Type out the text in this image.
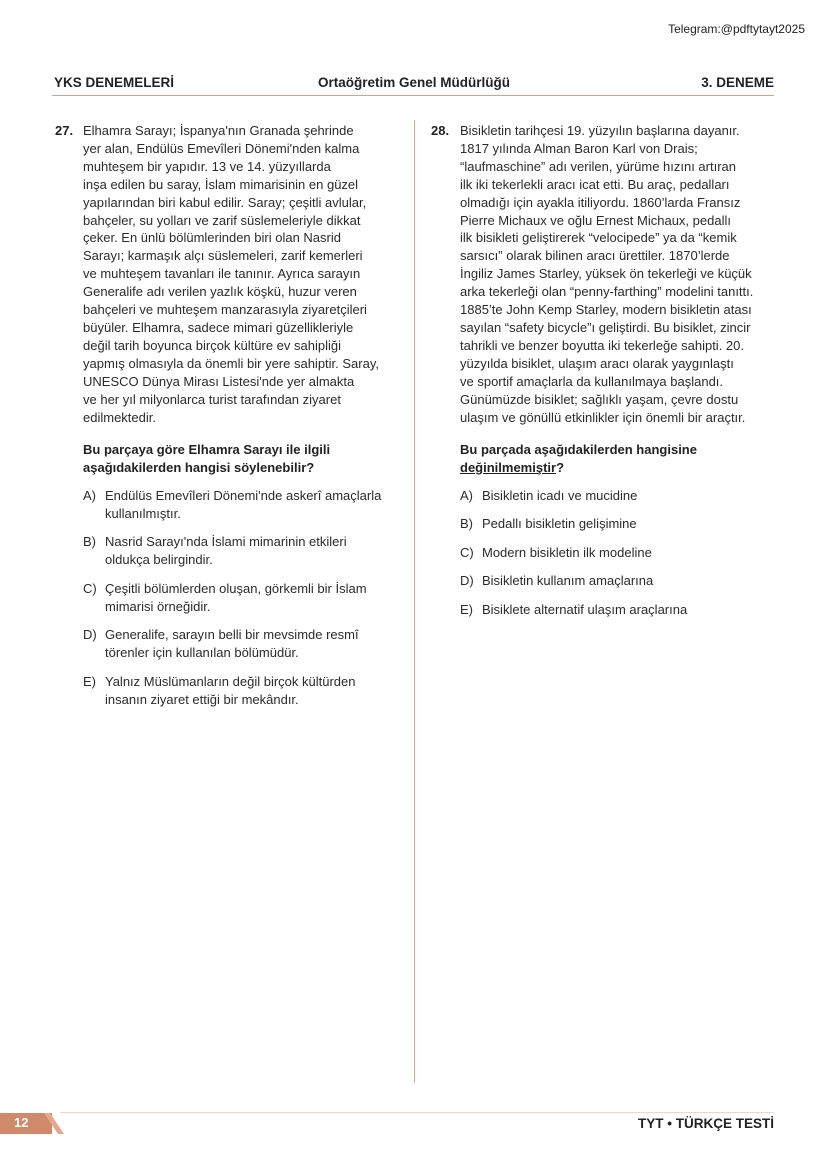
Telegram:@pdftytayt2025
YKS DENEMELERİ	Ortaöğretim Genel Müdürlüğü	3. DENEME
27. Elhamra Sarayı; İspanya'nın Granada şehrinde
yer alan, Endülüs Emevîleri Dönemi'nden kalma
muhteşem bir yapıdır. 13 ve 14. yüzyıllarda
inşa edilen bu saray, İslam mimarisinin en güzel
yapılarından biri kabul edilir. Saray; çeşitli avlular,
bahçeler, su yolları ve zarif süslemeleriyle dikkat
çeker. En ünlü bölümlerinden biri olan Nasrid
Sarayı; karmaşık alçı süslemeleri, zarif kemerleri
ve muhteşem tavanları ile tanınır. Ayrıca sarayın
Generalife adı verilen yazlık köşkü, huzur veren
bahçeleri ve muhteşem manzarasıyla ziyaretçileri
büyüler. Elhamra, sadece mimari güzellikleriyle
değil tarih boyunca birçok kültüre ev sahipliği
yapmış olmasıyla da önemli bir yere sahiptir. Saray,
UNESCO Dünya Mirası Listesi'nde yer almakta
ve her yıl milyonlarca turist tarafından ziyaret
edilmektedir.
Bu parçaya göre Elhamra Sarayı ile ilgili
aşağıdakilerden hangisi söylenebilir?
A) Endülüs Emevîleri Dönemi'nde askerî amaçlarla
kullanılmıştır.
B) Nasrid Sarayı'nda İslami mimarinin etkileri
oldukça belirgindir.
C) Çeşitli bölümlerden oluşan, görkemli bir İslam
mimarisi örneğidir.
D) Generalife, sarayın belli bir mevsimde resmî
törenler için kullanılan bölümüdür.
E) Yalnız Müslümanların değil birçok kültürden
insanın ziyaret ettiği bir mekândır.
28. Bisikletin tarihçesi 19. yüzyılın başlarına dayanır.
1817 yılında Alman Baron Karl von Drais;
“laufmaschine” adı verilen, yürüme hızını artıran
ilk iki tekerlekli aracı icat etti. Bu araç, pedalları
olmadığı için ayakla itiliyordu. 1860’larda Fransız
Pierre Michaux ve oğlu Ernest Michaux, pedallı
ilk bisikleti geliştirerek “velocipede” ya da “kemik
sarsıcı” olarak bilinen aracı ürettiler. 1870’lerde
İngiliz James Starley, yüksek ön tekerleği ve küçük
arka tekerleği olan “penny-farthing” modelini tanıttı.
1885’te John Kemp Starley, modern bisikletin atası
sayılan “safety bicycle”ı geliştirdi. Bu bisiklet, zincir
tahrikli ve benzer boyutta iki tekerleğe sahipti. 20.
yüzyılda bisiklet, ulaşım aracı olarak yaygınlaştı
ve sportif amaçlarla da kullanılmaya başlandı.
Günümüzde bisiklet; sağlıklı yaşam, çevre dostu
ulaşım ve gönüllü etkinlikler için önemli bir araçtır.
Bu parçada aşağıdakilerden hangisine
değinilmemiştir?
A) Bisikletin icadı ve mucidine
B) Pedallı bisikletin gelişimine
C) Modern bisikletin ilk modeline
D) Bisikletin kullanım amaçlarına
E) Bisiklete alternatif ulaşım araçlarına
12	TYT • TÜRKÇE TESTİ
